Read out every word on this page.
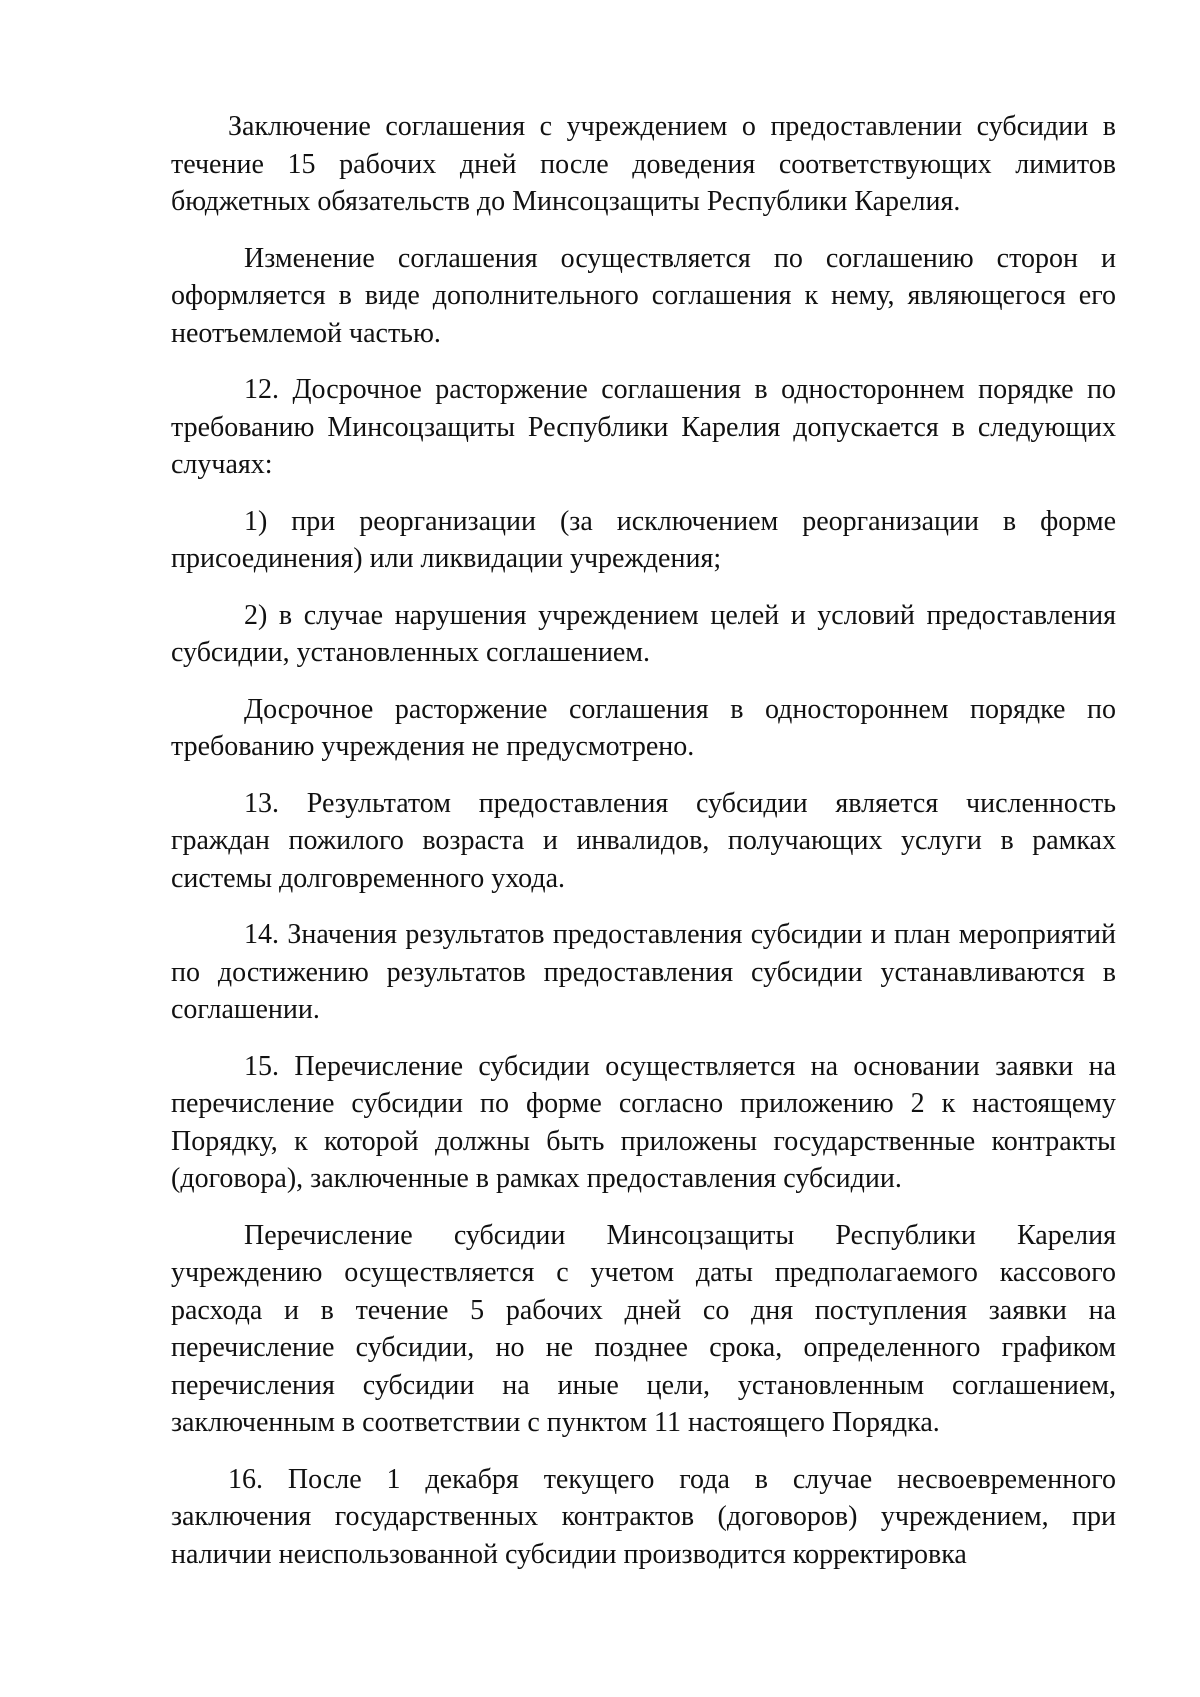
Заключение соглашения с учреждением о предоставлении субсидии в течение 15 рабочих дней после доведения соответствующих лимитов бюджетных обязательств до Минсоцзащиты Республики Карелия.

Изменение соглашения осуществляется по соглашению сторон и оформляется в виде дополнительного соглашения к нему, являющегося его неотъемлемой частью.

12. Досрочное расторжение соглашения в одностороннем порядке по требованию Минсоцзащиты Республики Карелия допускается в следующих случаях:

1) при реорганизации (за исключением реорганизации в форме присоединения) или ликвидации учреждения;

2) в случае нарушения учреждением целей и условий предоставления субсидии, установленных соглашением.

Досрочное расторжение соглашения в одностороннем порядке по требованию учреждения не предусмотрено.

13. Результатом предоставления субсидии является численность граждан пожилого возраста и инвалидов, получающих услуги в рамках системы долговременного ухода.

14. Значения результатов предоставления субсидии и план мероприятий по достижению результатов предоставления субсидии устанавливаются в соглашении.

15. Перечисление субсидии осуществляется на основании заявки на перечисление субсидии по форме согласно приложению 2 к настоящему Порядку, к которой должны быть приложены государственные контракты (договора), заключенные в рамках предоставления субсидии.

Перечисление субсидии Минсоцзащиты Республики Карелия учреждению осуществляется с учетом даты предполагаемого кассового расхода и в течение 5 рабочих дней со дня поступления заявки на перечисление субсидии, но не позднее срока, определенного графиком перечисления субсидии на иные цели, установленным соглашением, заключенным в соответствии с пунктом 11 настоящего Порядка.

16. После 1 декабря текущего года в случае несвоевременного заключения государственных контрактов (договоров) учреждением, при наличии неиспользованной субсидии производится корректировка
